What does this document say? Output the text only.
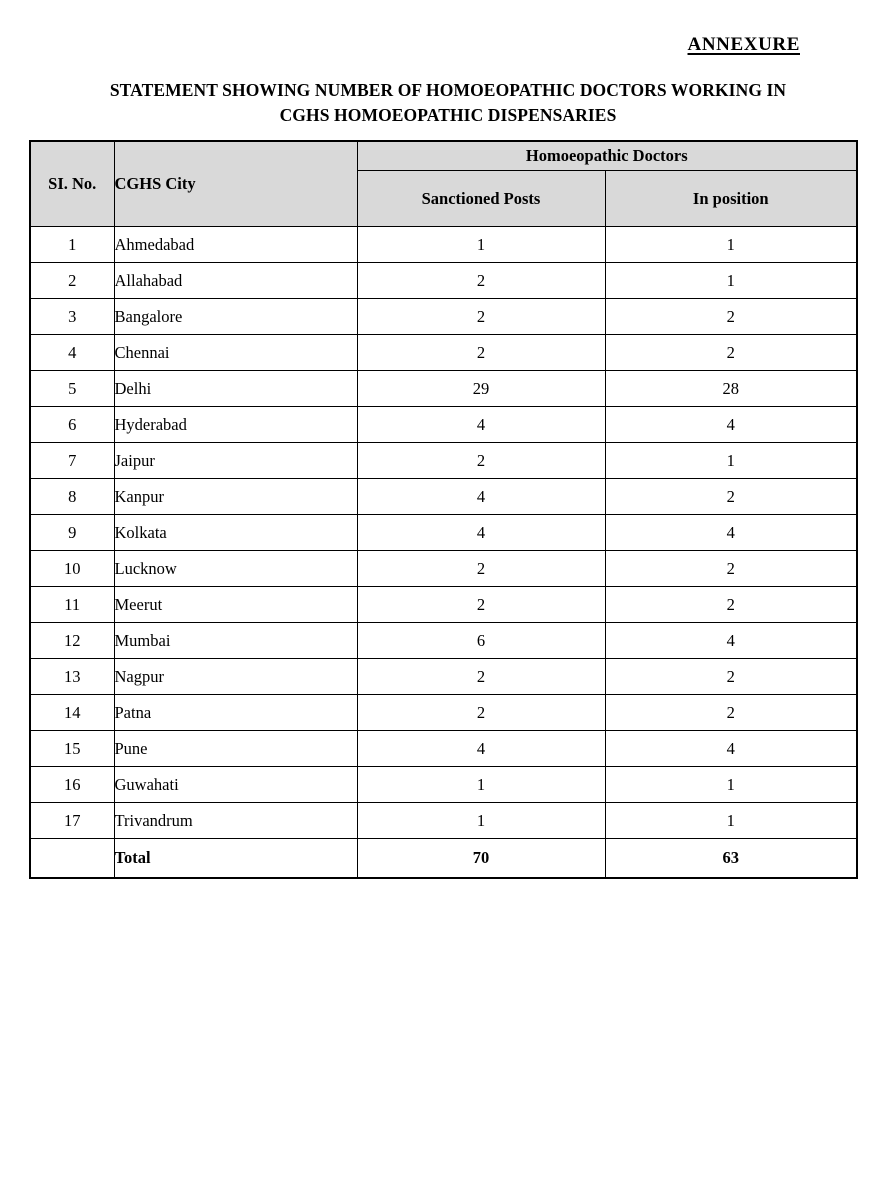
ANNEXURE
STATEMENT SHOWING NUMBER OF HOMOEOPATHIC DOCTORS WORKING IN
CGHS HOMOEOPATHIC DISPENSARIES
SI. No.	CGHS City	Homoeopathic Doctors	
		Sanctioned Posts	In position
1	Ahmedabad	1	1
2	Allahabad	2	1
3	Bangalore	2	2
4	Chennai	2	2
5	Delhi	29	28
6	Hyderabad	4	4
7	Jaipur	2	1
8	Kanpur	4	2
9	Kolkata	4	4
10	Lucknow	2	2
11	Meerut	2	2
12	Mumbai	6	4
13	Nagpur	2	2
14	Patna	2	2
15	Pune	4	4
16	Guwahati	1	1
17	Trivandrum	1	1
	Total	70	63
